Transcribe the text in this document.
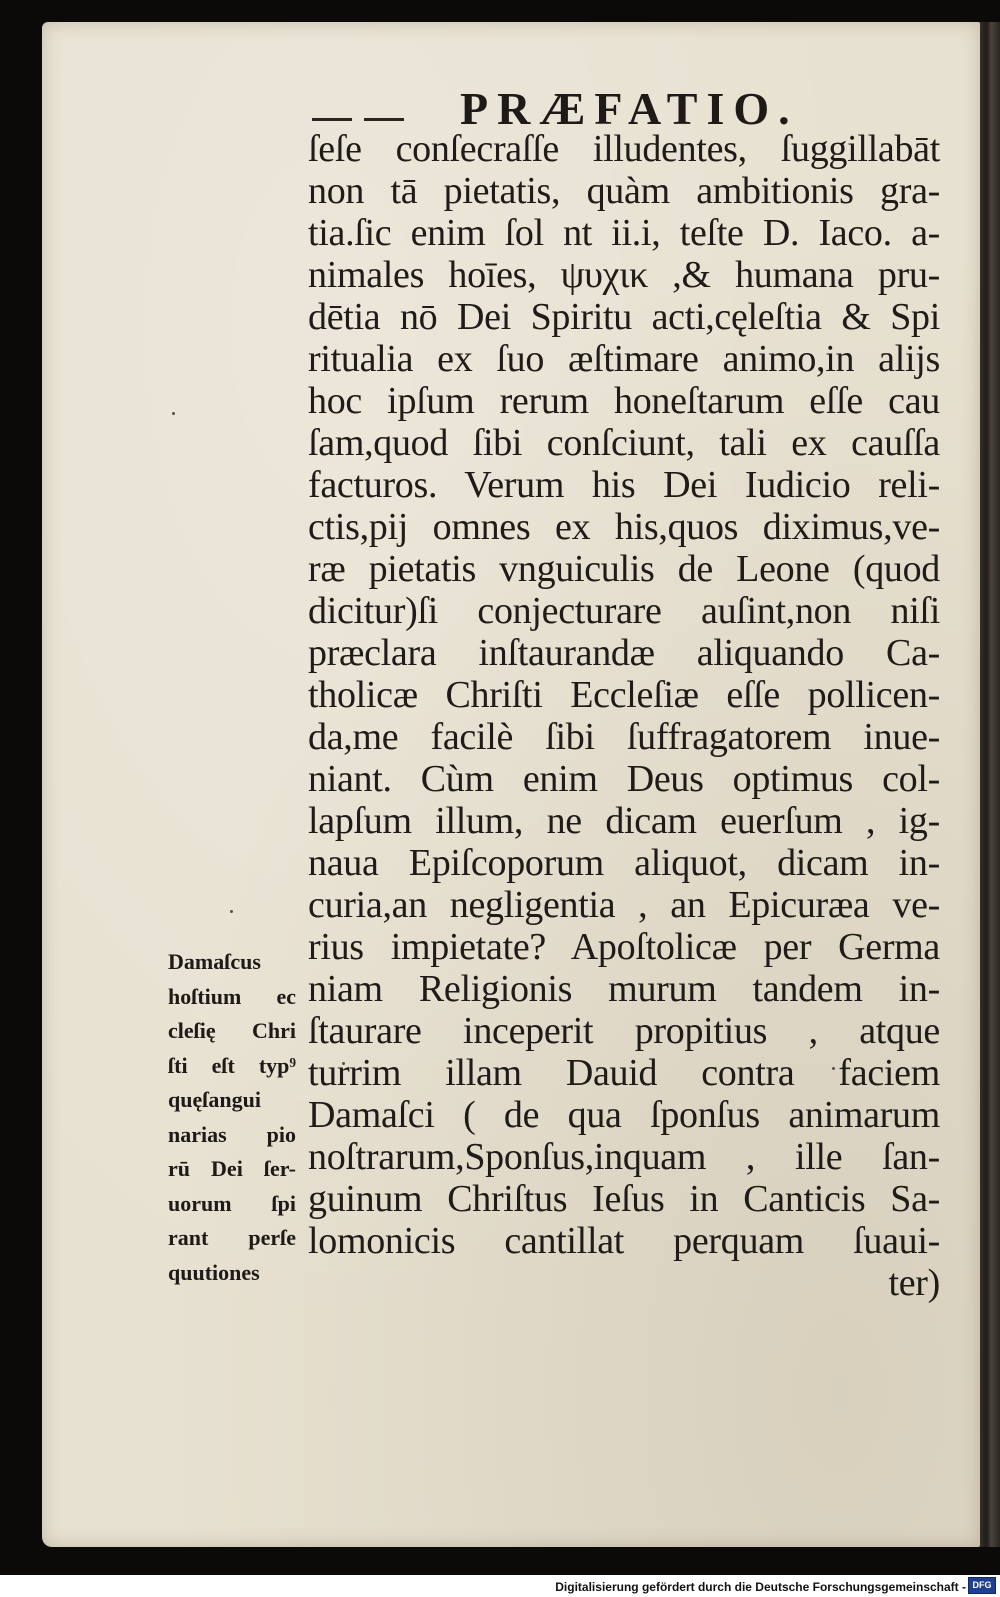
PRÆFATIO.
ſeſe conſecraſſe illudentes, ſuggillabāt
non tā pietatis, quàm ambitionis gra-
tia.ſic enim ſol nt ii.i, teſte D. Iaco. a-
nimales hoīes, ψυχικ ,& humana pru-
dētia nō Dei Spiritu acti,cęleſtia & Spi
ritualia ex ſuo æſtimare animo,in alijs
hoc ipſum rerum honeſtarum eſſe cau
ſam,quod ſibi conſciunt, tali ex cauſſa
facturos. Verum his Dei Iudicio reli-
ctis,pij omnes ex his,quos diximus,ve-
ræ pietatis vnguiculis de Leone (quod
dicitur)ſi conjecturare auſint,non niſi
præclara inſtaurandæ aliquando Ca-
tholicæ Chriſti Eccleſiæ eſſe pollicen-
da,me facilè ſibi ſuffragatorem inue-
niant. Cùm enim Deus optimus col-
lapſum illum, ne dicam euerſum , ig-
naua Epiſcoporum aliquot, dicam in-
curia,an negligentia , an Epicuræa ve-
rius impietate? Apoſtolicæ per Germa
niam Religionis murum tandem in-
ſtaurare inceperit propitius , atque
turrim illam Dauid contra faciem
Damaſci ( de qua ſponſus animarum
noſtrarum,Sponſus,inquam , ille ſan-
guinum Chriſtus Ieſus in Canticis Sa-
lomonicis cantillat perquam ſuaui-
ter)
Damaſcus
hoſtium ec
cleſię Chri
ſti eſt typ⁹
quęſangui
narias pio
rū Dei ſer-
uorum ſpi
rant perſe
quutiones
Digitalisierung gefördert durch die Deutsche Forschungsgemeinschaft - DFG
